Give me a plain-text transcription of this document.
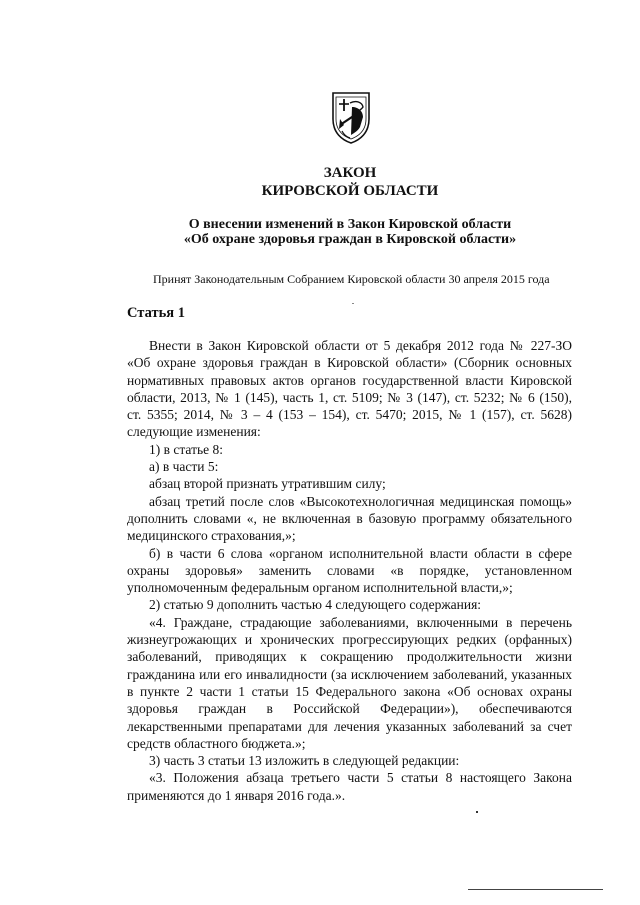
ЗАКОН
КИРОВСКОЙ ОБЛАСТИ
О внесении изменений в Закон Кировской области
«Об охране здоровья граждан в Кировской области»
Принят Законодательным Собранием Кировской области 30 апреля 2015 года
Статья 1

Внести в Закон Кировской области от 5 декабря 2012 года № 227-ЗО

«Об охране здоровья граждан в Кировской области» (Сборник основных

нормативных правовых актов органов государственной власти Кировской

области, 2013, № 1 (145), часть 1, ст. 5109; № 3 (147), ст. 5232; № 6 (150),

ст. 5355; 2014, № 3 – 4 (153 – 154), ст. 5470; 2015, № 1 (157), ст. 5628)

следующие изменения:

1) в статье 8:

а) в части 5:

абзац второй признать утратившим силу;

абзац третий после слов «Высокотехнологичная медицинская помощь»

дополнить словами «, не включенная в базовую программу обязательного

медицинского страхования,»;

б) в части 6 слова «органом исполнительной власти области в сфере

охраны здоровья» заменить словами «в порядке, установленном

уполномоченным федеральным органом исполнительной власти,»;

2) статью 9 дополнить частью 4 следующего содержания:

«4. Граждане, страдающие заболеваниями, включенными в перечень

жизнеугрожающих и хронических прогрессирующих редких (орфанных)

заболеваний, приводящих к сокращению продолжительности жизни

гражданина или его инвалидности (за исключением заболеваний, указанных

в пункте 2 части 1 статьи 15 Федерального закона «Об основах охраны

здоровья граждан в Российской Федерации»), обеспечиваются

лекарственными препаратами для лечения указанных заболеваний за счет

средств областного бюджета.»;

3) часть 3 статьи 13 изложить в следующей редакции:

«3. Положения абзаца третьего части 5 статьи 8 настоящего Закона

применяются до 1 января 2016 года.».
